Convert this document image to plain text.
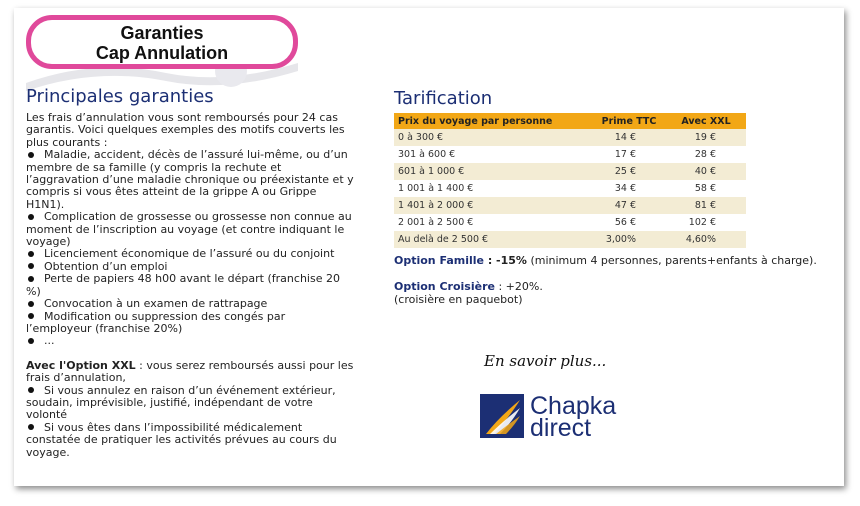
Garanties
Cap Annulation
Principales garanties

Les frais d’annulation vous sont remboursés pour 24 cas garantis. Voici quelques exemples des motifs couverts les plus courants :

Maladie, accident, décès de l’assuré lui-même, ou d’un membre de sa famille (y compris la rechute et l’aggravation d’une maladie chronique ou préexistante et y compris si vous êtes atteint de la grippe A ou Grippe H1N1).
Complication de grossesse ou grossesse non connue au moment de l’inscription au voyage (et contre indiquant le voyage)
Licenciement économique de l’assuré ou du conjoint
Obtention d’un emploi
Perte de papiers 48 h00 avant le départ (franchise 20 %)
Convocation à un examen de rattrapage
Modification ou suppression des congés par l’employeur (franchise 20%)
...

Avec l'Option XXL : vous serez remboursés aussi pour les frais d’annulation,

Si vous annulez en raison d’un événement extérieur, soudain, imprévisible, justifié, indépendant de votre volonté
Si vous êtes dans l’impossibilité médicalement constatée de pratiquer les activités prévues au cours du voyage.
Tarification
Prix du voyage par personne	Prime TTC	Avec XXL
0 à 300 €	14 €	19 €
301 à 600 €	17 €	28 €
601 à 1 000 €	25 €	40 €
1 001 à 1 400 €	34 €	58 €
1 401 à 2 000 €	47 €	81 €
2 001 à 2 500 €	56 €	102 €
Au delà de 2 500 €	3,00%	4,60%
Option Famille : -15% (minimum 4 personnes, parents+enfants à charge).
Option Croisière : +20%.
(croisière en paquebot)
En savoir plus...
Chapka
direct
